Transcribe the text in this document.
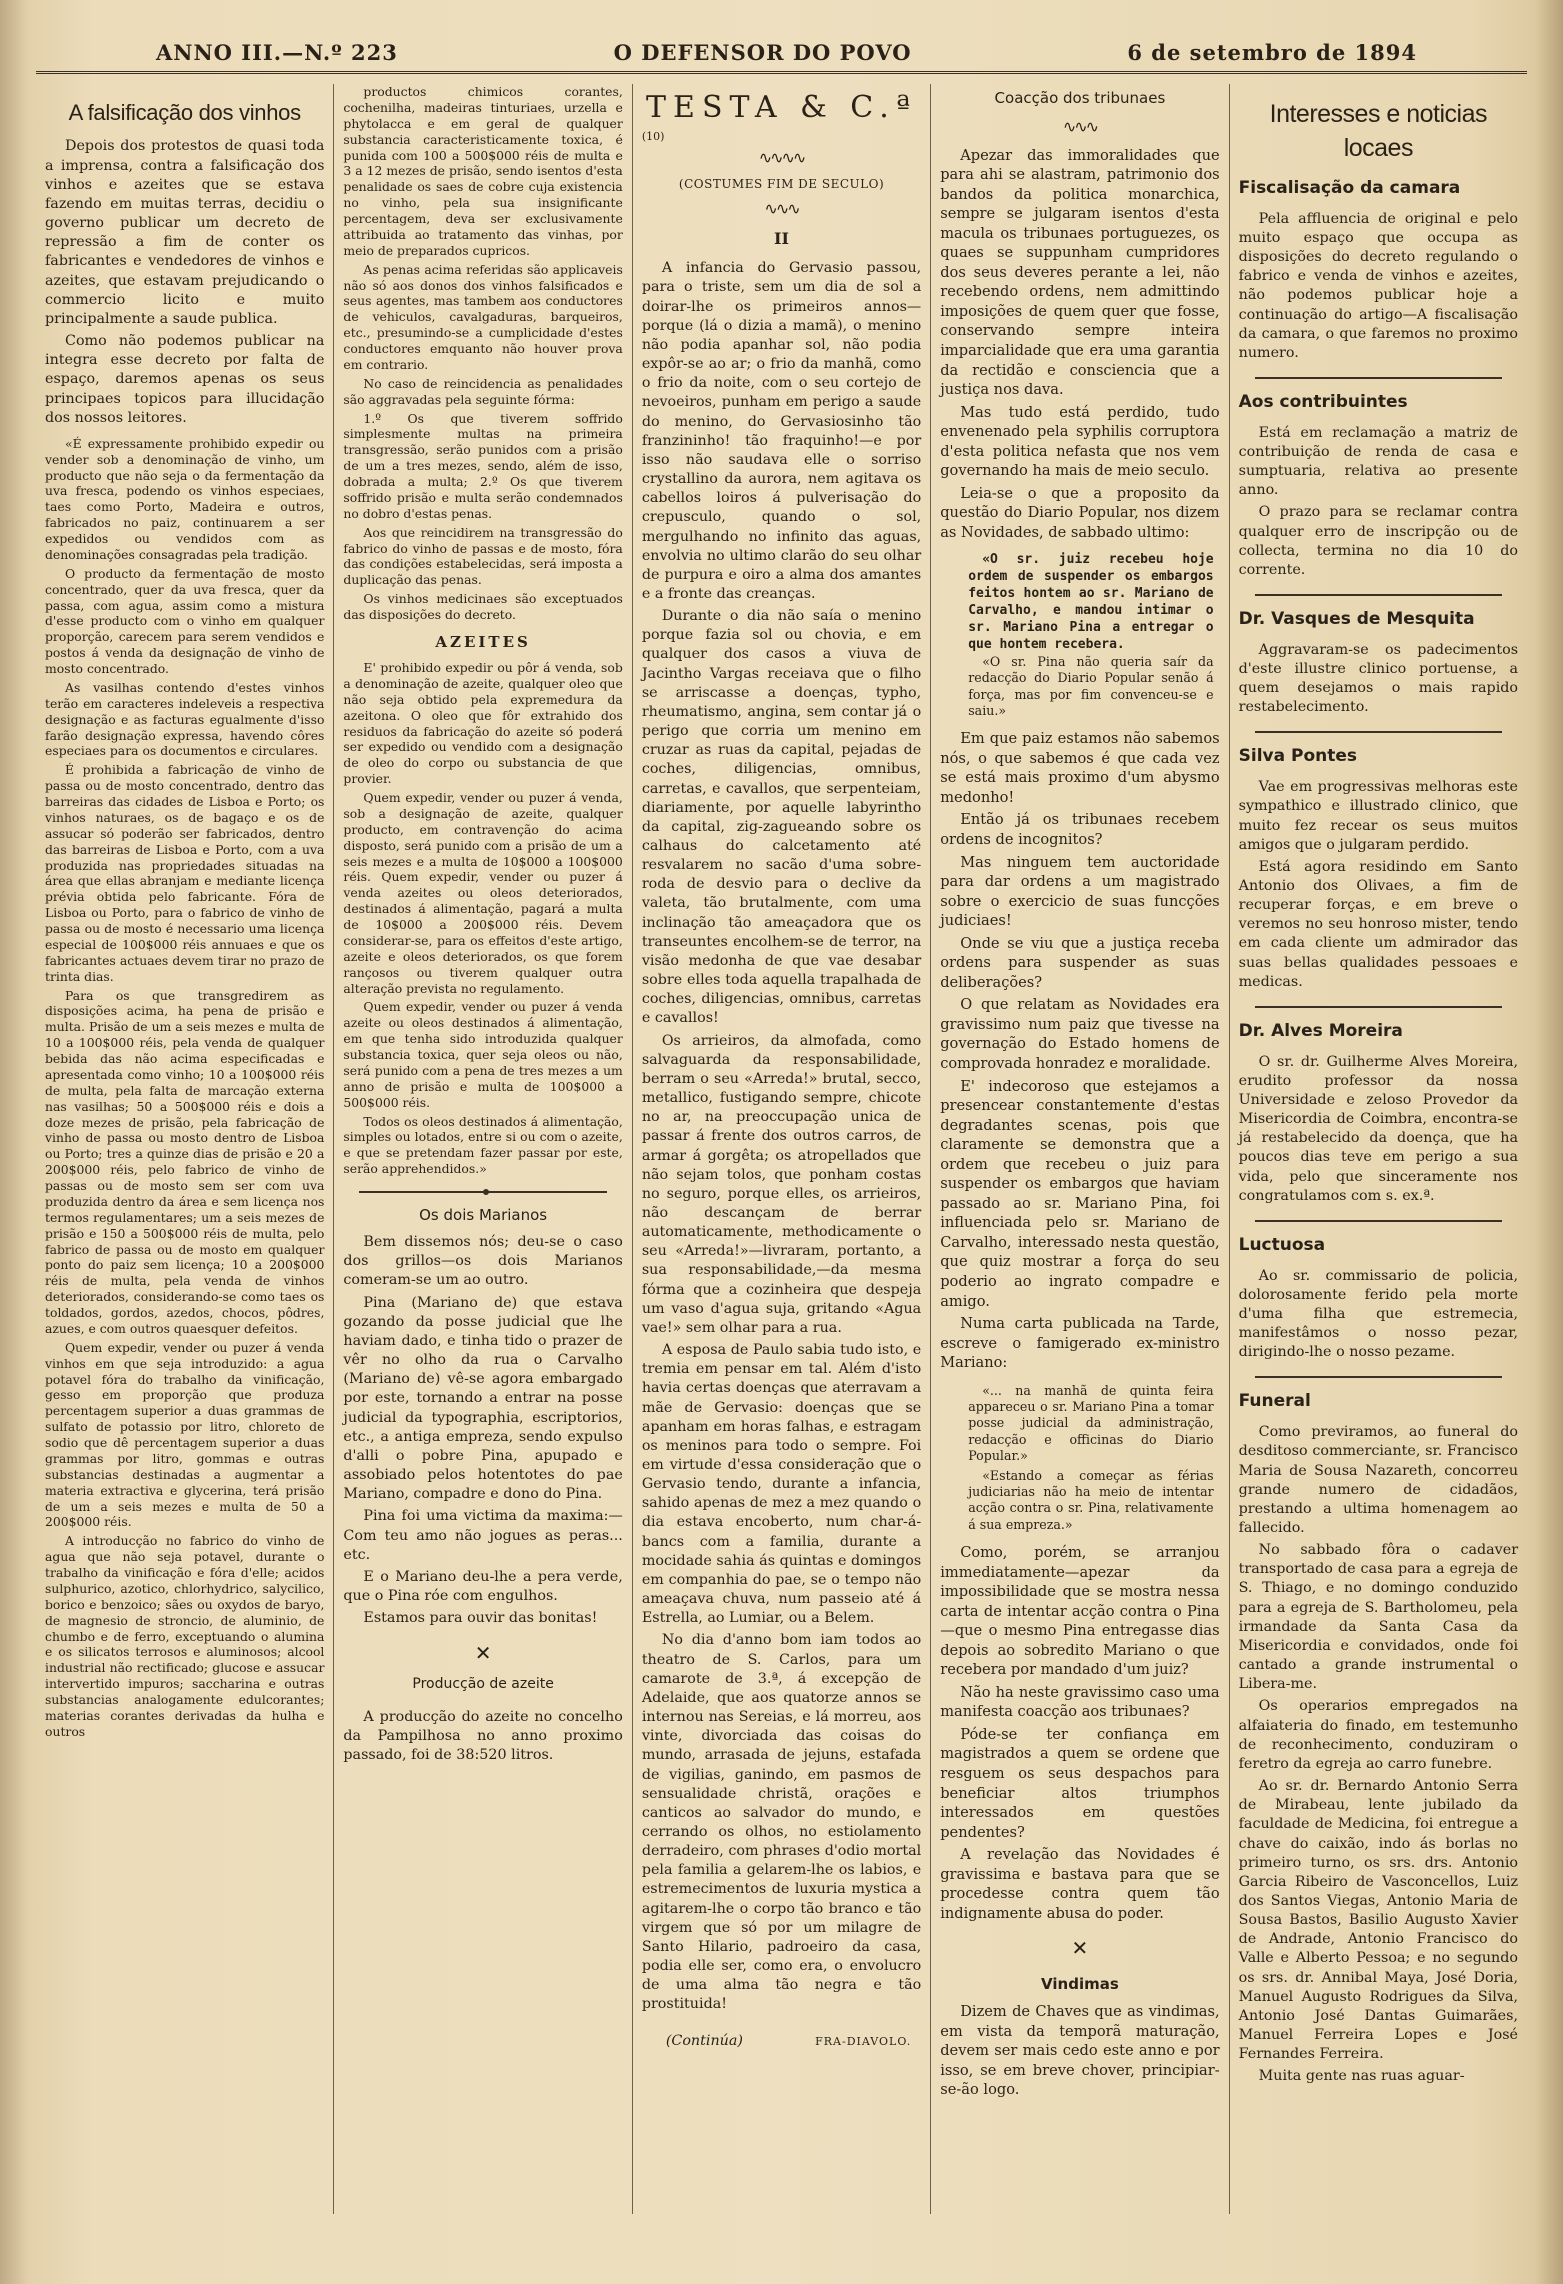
ANNO III.—N.º 223	O DEFENSOR DO POVO	6 de setembro de 1894
A falsificação dos vinhos

Depois dos protestos de quasi toda a imprensa, contra a falsificação dos vinhos e azeites que se estava fazendo em muitas terras, decidiu o governo publicar um decreto de repressão a fim de conter os fabricantes e vendedores de vinhos e azeites, que estavam prejudicando o commercio licito e muito principalmente a saude publica.

Como não podemos publicar na integra esse decreto por falta de espaço, daremos apenas os seus principaes topicos para illucidação dos nossos leitores.

«É expressamente prohibido expedir ou vender sob a denominação de vinho, um producto que não seja o da fermentação da uva fresca, podendo os vinhos especiaes, taes como Porto, Madeira e outros, fabricados no paiz, continuarem a ser expedidos ou vendidos com as denominações consagradas pela tradição.

O producto da fermentação de mosto concentrado, quer da uva fresca, quer da passa, com agua, assim como a mistura d'esse producto com o vinho em qualquer proporção, carecem para serem vendidos e postos á venda da designação de vinho de mosto concentrado.

As vasilhas contendo d'estes vinhos terão em caracteres indeleveis a respectiva designação e as facturas egualmente d'isso farão designação expressa, havendo côres especiaes para os documentos e circulares.

É prohibida a fabricação de vinho de passa ou de mosto concentrado, dentro das barreiras das cidades de Lisboa e Porto; os vinhos naturaes, os de bagaço e os de assucar só poderão ser fabricados, dentro das barreiras de Lisboa e Porto, com a uva produzida nas propriedades situadas na área que ellas abranjam e mediante licença prévia obtida pelo fabricante. Fóra de Lisboa ou Porto, para o fabrico de vinho de passa ou de mosto é necessario uma licença especial de 100$000 réis annuaes e que os fabricantes actuaes devem tirar no prazo de trinta dias.

Para os que transgredirem as disposições acima, ha pena de prisão e multa. Prisão de um a seis mezes e multa de 10 a 100$000 réis, pela venda de qualquer bebida das não acima especificadas e apresentada como vinho; 10 a 100$000 réis de multa, pela falta de marcação externa nas vasilhas; 50 a 500$000 réis e dois a doze mezes de prisão, pela fabricação de vinho de passa ou mosto dentro de Lisboa ou Porto; tres a quinze dias de prisão e 20 a 200$000 réis, pelo fabrico de vinho de passas ou de mosto sem ser com uva produzida dentro da área e sem licença nos termos regulamentares; um a seis mezes de prisão e 150 a 500$000 réis de multa, pelo fabrico de passa ou de mosto em qualquer ponto do paiz sem licença; 10 a 200$000 réis de multa, pela venda de vinhos deteriorados, considerando-se como taes os toldados, gordos, azedos, chocos, pôdres, azues, e com outros quaesquer defeitos.

Quem expedir, vender ou puzer á venda vinhos em que seja introduzido: a agua potavel fóra do trabalho da vinificação, gesso em proporção que produza percentagem superior a duas grammas de sulfato de potassio por litro, chloreto de sodio que dê percentagem superior a duas grammas por litro, gommas e outras substancias destinadas a augmentar a materia extractiva e glycerina, terá prisão de um a seis mezes e multa de 50 a 200$000 réis.

A introducção no fabrico do vinho de agua que não seja potavel, durante o trabalho da vinificação e fóra d'elle; acidos sulphurico, azotico, chlorhydrico, salycilico, borico e benzoico; sães ou oxydos de baryo, de magnesio de stroncio, de aluminio, de chumbo e de ferro, exceptuando o alumina e os silicatos terrosos e aluminosos; alcool industrial não rectificado; glucose e assucar intervertido impuros; saccharina e outras substancias analogamente edulcorantes; materias corantes derivadas da hulha e outros

productos chimicos corantes, cochenilha, madeiras tinturiaes, urzella e phytolacca e em geral de qualquer substancia caracteristicamente toxica, é punida com 100 a 500$000 réis de multa e 3 a 12 mezes de prisão, sendo isentos d'esta penalidade os saes de cobre cuja existencia no vinho, pela sua insignificante percentagem, deva ser exclusivamente attribuida ao tratamento das vinhas, por meio de preparados cupricos.

As penas acima referidas são applicaveis não só aos donos dos vinhos falsificados e seus agentes, mas tambem aos conductores de vehiculos, cavalgaduras, barqueiros, etc., presumindo-se a cumplicidade d'estes conductores emquanto não houver prova em contrario.

No caso de reincidencia as penalidades são aggravadas pela seguinte fórma:

1.º Os que tiverem soffrido simplesmente multas na primeira transgressão, serão punidos com a prisão de um a tres mezes, sendo, além de isso, dobrada a multa; 2.º Os que tiverem soffrido prisão e multa serão condemnados no dobro d'estas penas.

Aos que reincidirem na transgressão do fabrico do vinho de passas e de mosto, fóra das condições estabelecidas, será imposta a duplicação das penas.

Os vinhos medicinaes são exceptuados das disposições do decreto.

AZEITES

E' prohibido expedir ou pôr á venda, sob a denominação de azeite, qualquer oleo que não seja obtido pela expremedura da azeitona. O oleo que fôr extrahido dos residuos da fabricação do azeite só poderá ser expedido ou vendido com a designação de oleo do corpo ou substancia de que provier.

Quem expedir, vender ou puzer á venda, sob a designação de azeite, qualquer producto, em contravenção do acima disposto, será punido com a prisão de um a seis mezes e a multa de 10$000 a 100$000 réis. Quem expedir, vender ou puzer á venda azeites ou oleos deteriorados, destinados á alimentação, pagará a multa de 10$000 a 200$000 réis. Devem considerar-se, para os effeitos d'este artigo, azeite e oleos deteriorados, os que forem rançosos ou tiverem qualquer outra alteração prevista no regulamento.

Quem expedir, vender ou puzer á venda azeite ou oleos destinados á alimentação, em que tenha sido introduzida qualquer substancia toxica, quer seja oleos ou não, será punido com a pena de tres mezes a um anno de prisão e multa de 100$000 a 500$000 réis.

Todos os oleos destinados á alimentação, simples ou lotados, entre si ou com o azeite, e que se pretendam fazer passar por este, serão apprehendidos.»

Os dois Marianos

Bem dissemos nós; deu-se o caso dos grillos—os dois Marianos comeram-se um ao outro.

Pina (Mariano de) que estava gozando da posse judicial que lhe haviam dado, e tinha tido o prazer de vêr no olho da rua o Carvalho (Mariano de) vê-se agora embargado por este, tornando a entrar na posse judicial da typographia, escriptorios, etc., a antiga empreza, sendo expulso d'alli o pobre Pina, apupado e assobiado pelos hotentotes do pae Mariano, compadre e dono do Pina.

Pina foi uma victima da maxima:—Com teu amo não jogues as peras... etc.

E o Mariano deu-lhe a pera verde, que o Pina róe com engulhos.

Estamos para ouvir das bonitas!

✕
Producção de azeite

A producção do azeite no concelho da Pampilhosa no anno proximo passado, foi de 38:520 litros.

TESTA & C.ª
(10)
∿∿∿∿
(COSTUMES FIM DE SECULO)
∿∿∿
II

A infancia do Gervasio passou, para o triste, sem um dia de sol a doirar-lhe os primeiros annos—porque (lá o dizia a mamã), o menino não podia apanhar sol, não podia expôr-se ao ar; o frio da manhã, como o frio da noite, com o seu cortejo de nevoeiros, punham em perigo a saude do menino, do Gervasiosinho tão franzininho! tão fraquinho!—e por isso não saudava elle o sorriso crystallino da aurora, nem agitava os cabellos loiros á pulverisação do crepusculo, quando o sol, mergulhando no infinito das aguas, envolvia no ultimo clarão do seu olhar de purpura e oiro a alma dos amantes e a fronte das creanças.

Durante o dia não saía o menino porque fazia sol ou chovia, e em qualquer dos casos a viuva de Jacintho Vargas receiava que o filho se arriscasse a doenças, typho, rheumatismo, angina, sem contar já o perigo que corria um menino em cruzar as ruas da capital, pejadas de coches, diligencias, omnibus, carretas, e cavallos, que serpenteiam, diariamente, por aquelle labyrintho da capital, zig-zagueando sobre os calhaus do calcetamento até resvalarem no sacão d'uma sobre-roda de desvio para o declive da valeta, tão brutalmente, com uma inclinação tão ameaçadora que os transeuntes encolhem-se de terror, na visão medonha de que vae desabar sobre elles toda aquella trapalhada de coches, diligencias, omnibus, carretas e cavallos!

Os arrieiros, da almofada, como salvaguarda da responsabilidade, berram o seu «Arreda!» brutal, secco, metallico, fustigando sempre, chicote no ar, na preoccupação unica de passar á frente dos outros carros, de armar á gorgêta; os atropellados que não sejam tolos, que ponham costas no seguro, porque elles, os arrieiros, não descançam de berrar automaticamente, methodicamente o seu «Arreda!»—livraram, portanto, a sua responsabilidade,—da mesma fórma que a cozinheira que despeja um vaso d'agua suja, gritando «Agua vae!» sem olhar para a rua.

A esposa de Paulo sabia tudo isto, e tremia em pensar em tal. Além d'isto havia certas doenças que aterravam a mãe de Gervasio: doenças que se apanham em horas falhas, e estragam os meninos para todo o sempre. Foi em virtude d'essa consideração que o Gervasio tendo, durante a infancia, sahido apenas de mez a mez quando o dia estava encoberto, num char-á-bancs com a familia, durante a mocidade sahia ás quintas e domingos em companhia do pae, se o tempo não ameaçava chuva, num passeio até á Estrella, ao Lumiar, ou a Belem.

No dia d'anno bom iam todos ao theatro de S. Carlos, para um camarote de 3.ª, á excepção de Adelaide, que aos quatorze annos se internou nas Sereias, e lá morreu, aos vinte, divorciada das coisas do mundo, arrasada de jejuns, estafada de vigilias, ganindo, em pasmos de sensualidade christã, orações e canticos ao salvador do mundo, e cerrando os olhos, no estiolamento derradeiro, com phrases d'odio mortal pela familia a gelarem-lhe os labios, e estremecimentos de luxuria mystica a agitarem-lhe o corpo tão branco e tão virgem que só por um milagre de Santo Hilario, padroeiro da casa, podia elle ser, como era, o envolucro de uma alma tão negra e tão prostituida!

(Continúa)	FRA-DIAVOLO.
Coacção dos tribunaes
∿∿∿

Apezar das immoralidades que para ahi se alastram, patrimonio dos bandos da politica monarchica, sempre se julgaram isentos d'esta macula os tribunaes portuguezes, os quaes se suppunham cumpridores dos seus deveres perante a lei, não recebendo ordens, nem admittindo imposições de quem quer que fosse, conservando sempre inteira imparcialidade que era uma garantia da rectidão e consciencia que a justiça nos dava.

Mas tudo está perdido, tudo envenenado pela syphilis corruptora d'esta politica nefasta que nos vem governando ha mais de meio seculo.

Leia-se o que a proposito da questão do Diario Popular, nos dizem as Novidades, de sabbado ultimo:

«O sr. juiz recebeu hoje ordem de suspender os embargos feitos hontem ao sr. Mariano de Carvalho, e mandou intimar o sr. Mariano Pina a entregar o que hontem recebera.

«O sr. Pina não queria saír da redacção do Diario Popular senão á força, mas por fim convenceu-se e saiu.»

Em que paiz estamos não sabemos nós, o que sabemos é que cada vez se está mais proximo d'um abysmo medonho!

Então já os tribunaes recebem ordens de incognitos?

Mas ninguem tem auctoridade para dar ordens a um magistrado sobre o exercicio de suas funcções judiciaes!

Onde se viu que a justiça receba ordens para suspender as suas deliberações?

O que relatam as Novidades era gravissimo num paiz que tivesse na governação do Estado homens de comprovada honradez e moralidade.

E' indecoroso que estejamos a presencear constantemente d'estas degradantes scenas, pois que claramente se demonstra que a ordem que recebeu o juiz para suspender os embargos que haviam passado ao sr. Mariano Pina, foi influenciada pelo sr. Mariano de Carvalho, interessado nesta questão, que quiz mostrar a força do seu poderio ao ingrato compadre e amigo.

Numa carta publicada na Tarde, escreve o famigerado ex-ministro Mariano:

«... na manhã de quinta feira appareceu o sr. Mariano Pina a tomar posse judicial da administração, redacção e officinas do Diario Popular.»

«Estando a começar as férias judiciarias não ha meio de intentar acção contra o sr. Pina, relativamente á sua empreza.»

Como, porém, se arranjou immediatamente—apezar da impossibilidade que se mostra nessa carta de intentar acção contra o Pina—que o mesmo Pina entregasse dias depois ao sobredito Mariano o que recebera por mandado d'um juiz?

Não ha neste gravissimo caso uma manifesta coacção aos tribunaes?

Póde-se ter confiança em magistrados a quem se ordene que resguem os seus despachos para beneficiar altos triumphos interessados em questões pendentes?

A revelação das Novidades é gravissima e bastava para que se procedesse contra quem tão indignamente abusa do poder.

✕
Vindimas

Dizem de Chaves que as vindimas, em vista da temporã maturação, devem ser mais cedo este anno e por isso, se em breve chover, principiar-se-ão logo.

Interesses e noticias locaes
Fiscalisação da camara

Pela affluencia de original e pelo muito espaço que occupa as disposições do decreto regulando o fabrico e venda de vinhos e azeites, não podemos publicar hoje a continuação do artigo—A fiscalisação da camara, o que faremos no proximo numero.

Aos contribuintes

Está em reclamação a matriz de contribuição de renda de casa e sumptuaria, relativa ao presente anno.

O prazo para se reclamar contra qualquer erro de inscripção ou de collecta, termina no dia 10 do corrente.

Dr. Vasques de Mesquita

Aggravaram-se os padecimentos d'este illustre clinico portuense, a quem desejamos o mais rapido restabelecimento.

Silva Pontes

Vae em progressivas melhoras este sympathico e illustrado clinico, que muito fez recear os seus muitos amigos que o julgaram perdido.

Está agora residindo em Santo Antonio dos Olivaes, a fim de recuperar forças, e em breve o veremos no seu honroso mister, tendo em cada cliente um admirador das suas bellas qualidades pessoaes e medicas.

Dr. Alves Moreira

O sr. dr. Guilherme Alves Moreira, erudito professor da nossa Universidade e zeloso Provedor da Misericordia de Coimbra, encontra-se já restabelecido da doença, que ha poucos dias teve em perigo a sua vida, pelo que sinceramente nos congratulamos com s. ex.ª.

Luctuosa

Ao sr. commissario de policia, dolorosamente ferido pela morte d'uma filha que estremecia, manifestâmos o nosso pezar, dirigindo-lhe o nosso pezame.

Funeral

Como previramos, ao funeral do desditoso commerciante, sr. Francisco Maria de Sousa Nazareth, concorreu grande numero de cidadãos, prestando a ultima homenagem ao fallecido.

No sabbado fôra o cadaver transportado de casa para a egreja de S. Thiago, e no domingo conduzido para a egreja de S. Bartholomeu, pela irmandade da Santa Casa da Misericordia e convidados, onde foi cantado a grande instrumental o Libera-me.

Os operarios empregados na alfaiateria do finado, em testemunho de reconhecimento, conduziram o feretro da egreja ao carro funebre.

Ao sr. dr. Bernardo Antonio Serra de Mirabeau, lente jubilado da faculdade de Medicina, foi entregue a chave do caixão, indo ás borlas no primeiro turno, os srs. drs. Antonio Garcia Ribeiro de Vasconcellos, Luiz dos Santos Viegas, Antonio Maria de Sousa Bastos, Basilio Augusto Xavier de Andrade, Antonio Francisco do Valle e Alberto Pessoa; e no segundo os srs. dr. Annibal Maya, José Doria, Manuel Augusto Rodrigues da Silva, Antonio José Dantas Guimarães, Manuel Ferreira Lopes e José Fernandes Ferreira.

Muita gente nas ruas aguar-
